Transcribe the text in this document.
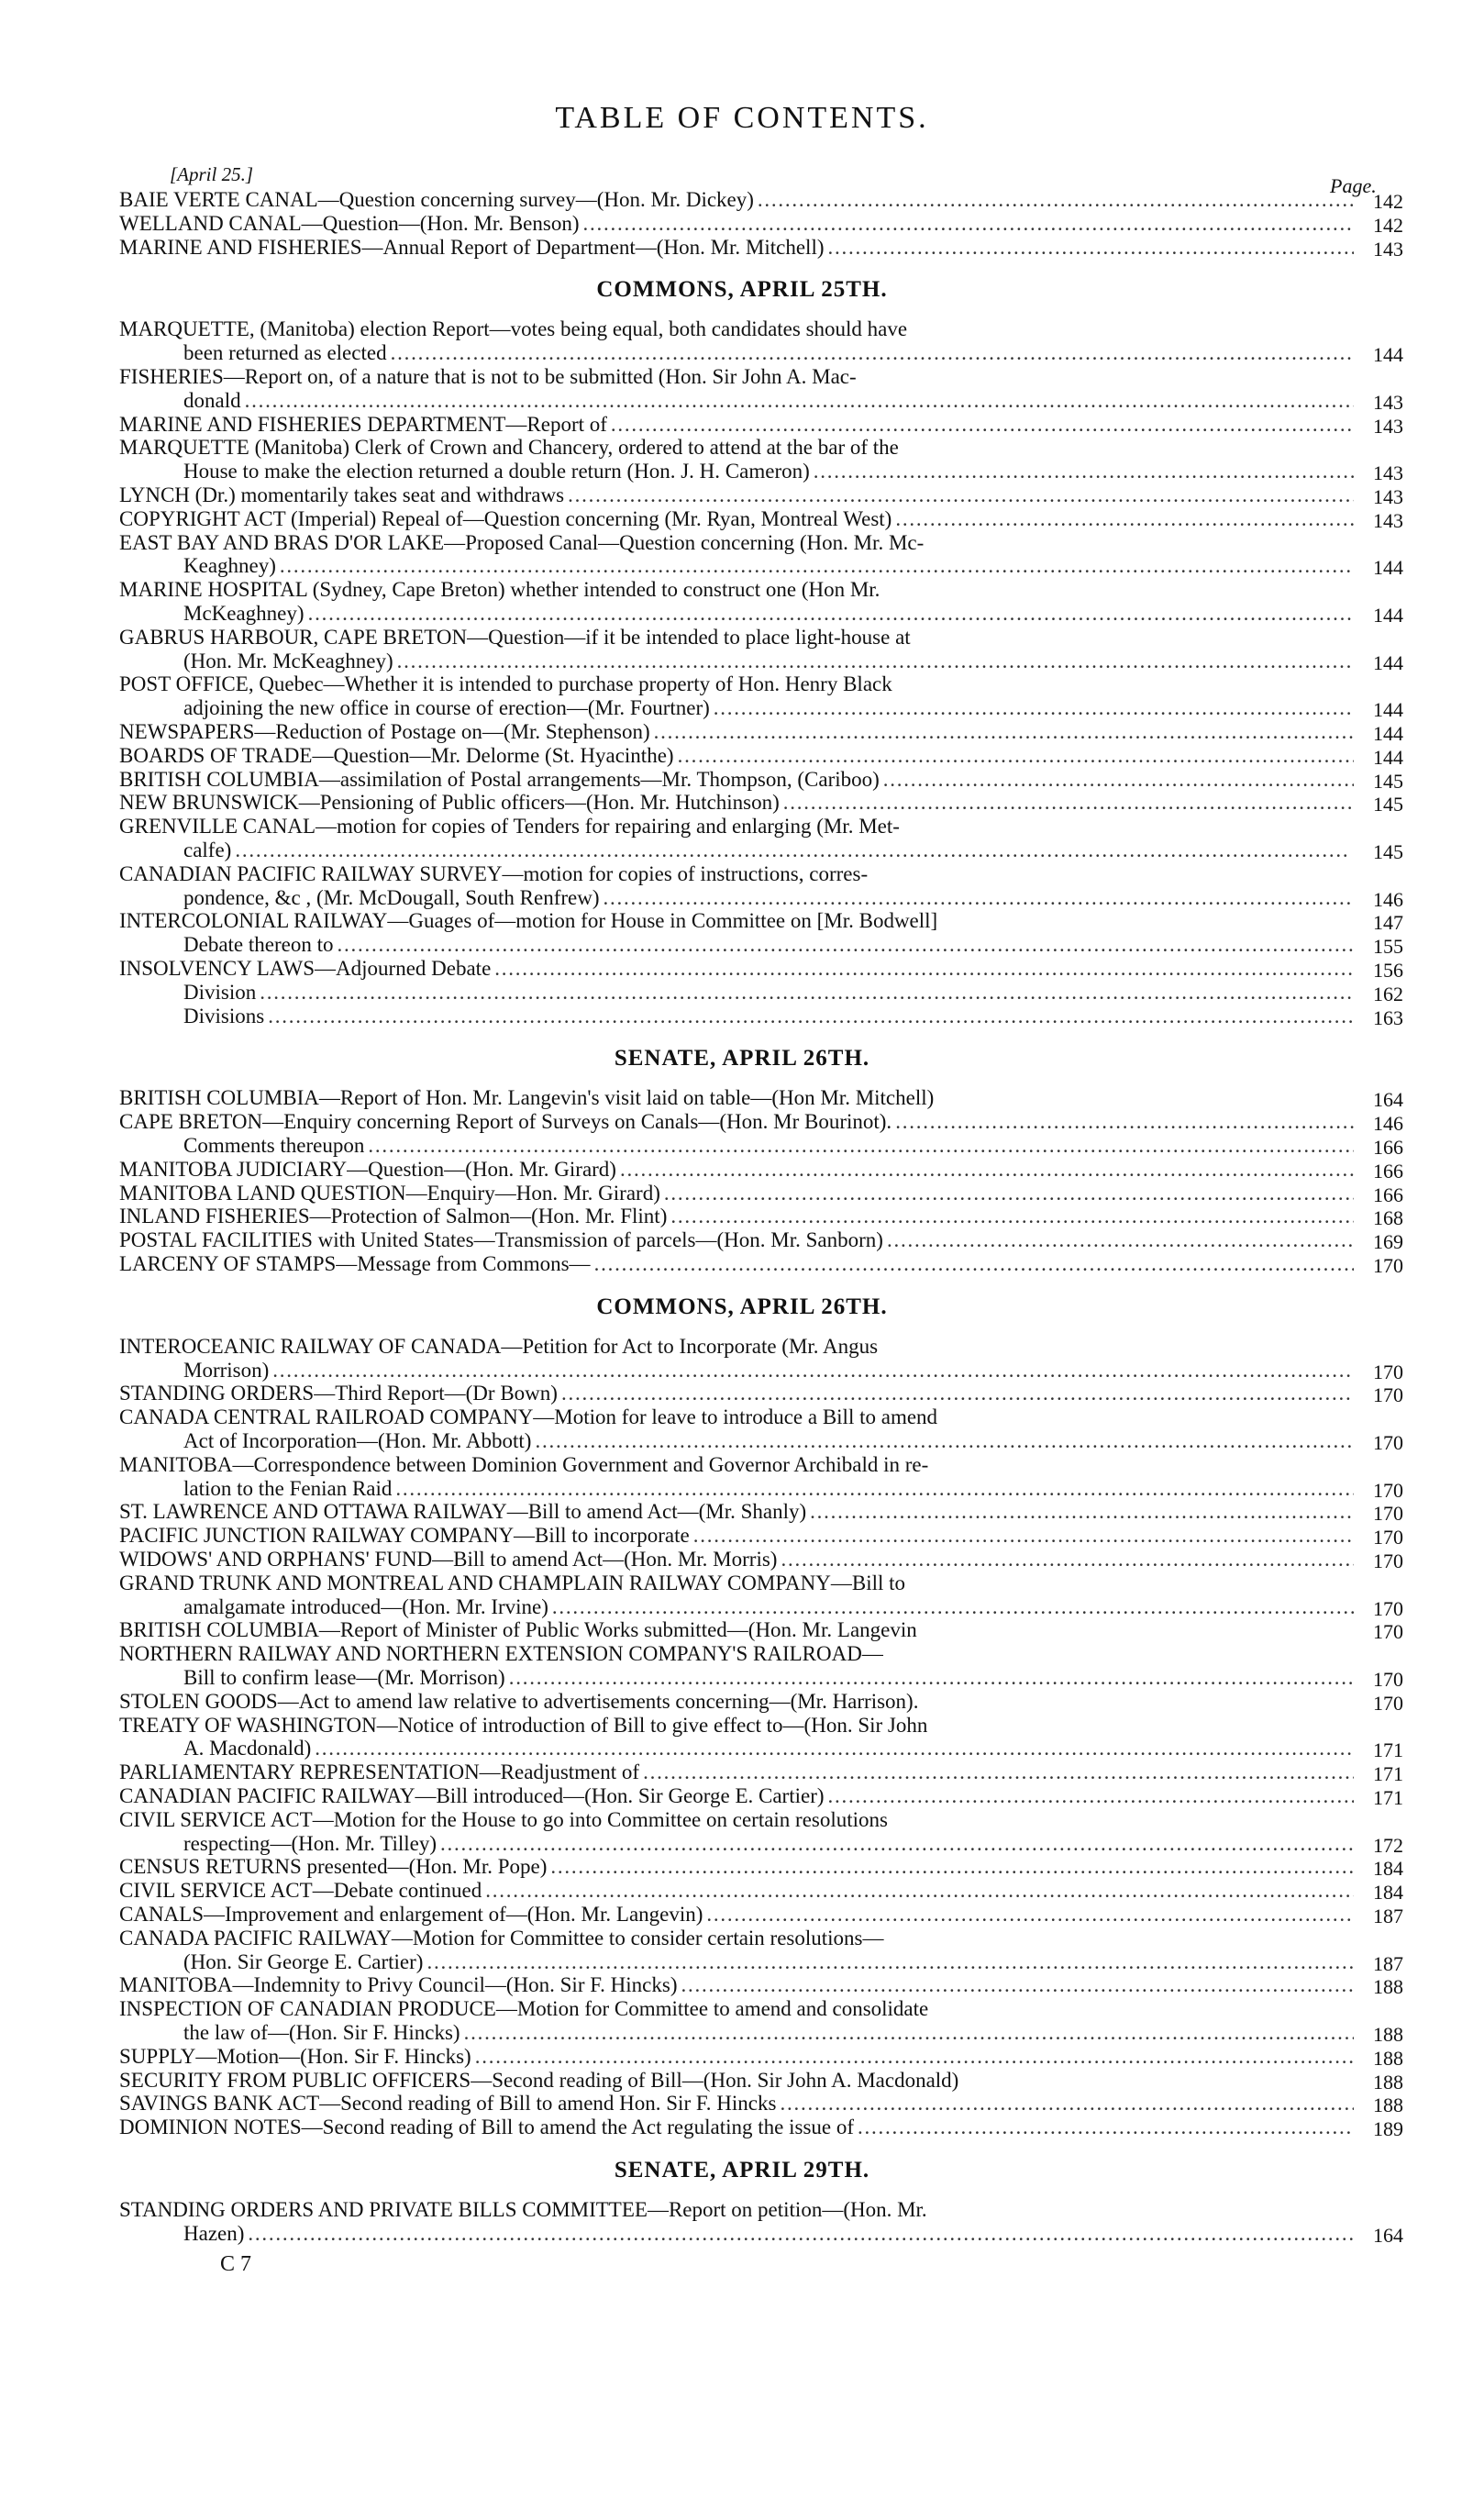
TABLE OF CONTENTS.
[April 25.]	Page.
BAIE VERTE CANAL—Question concerning survey—(Hon. Mr. Dickey) . . .	142
WELLAND CANAL—Question—(Hon. Mr. Benson) . . .	142
MARINE AND FISHERIES—Annual Report of Department—(Hon. Mr. Mitchell) . . .	143
COMMONS, APRIL 25TH.
MARQUETTE, (Manitoba) election Report—votes being equal, both candidates should have
been returned as elected . . .	144
FISHERIES—Report on, of a nature that is not to be submitted (Hon. Sir John A. Mac-
donald . . .	143
MARINE AND FISHERIES DEPARTMENT—Report of . . .	143
MARQUETTE (Manitoba) Clerk of Crown and Chancery, ordered to attend at the bar of the
House to make the election returned a double return (Hon. J. H. Cameron) . . .	143
LYNCH (Dr.) momentarily takes seat and withdraws . . .	143
COPYRIGHT ACT (Imperial) Repeal of—Question concerning (Mr. Ryan, Montreal West) . . .	143
EAST BAY AND BRAS D'OR LAKE—Proposed Canal—Question concerning (Hon. Mr. Mc-
Keaghney) . . .	144
MARINE HOSPITAL (Sydney, Cape Breton) whether intended to construct one (Hon Mr.
McKeaghney) . . .	144
GABRUS HARBOUR, CAPE BRETON—Question—if it be intended to place light-house at
(Hon. Mr. McKeaghney) . . .	144
POST OFFICE, Quebec—Whether it is intended to purchase property of Hon. Henry Black
adjoining the new office in course of erection—(Mr. Fourtner) . . .	144
NEWSPAPERS—Reduction of Postage on—(Mr. Stephenson) . . .	144
BOARDS OF TRADE—Question—Mr. Delorme (St. Hyacinthe) . . .	144
BRITISH COLUMBIA—assimilation of Postal arrangements—Mr. Thompson, (Cariboo) . . .	145
NEW BRUNSWICK—Pensioning of Public officers—(Hon. Mr. Hutchinson) . . .	145
GRENVILLE CANAL—motion for copies of Tenders for repairing and enlarging (Mr. Met-
calfe) . . .	145
CANADIAN PACIFIC RAILWAY SURVEY—motion for copies of instructions, corres-
pondence, &c , (Mr. McDougall, South Renfrew) . . .	146
INTERCOLONIAL RAILWAY—Guages of—motion for House in Committee on [Mr. Bodwell]	147
Debate thereon to . . .	155
INSOLVENCY LAWS—Adjourned Debate . . .	156
Division . . .	162
Divisions . . .	163
SENATE, APRIL 26TH.
BRITISH COLUMBIA—Report of Hon. Mr. Langevin's visit laid on table—(Hon Mr. Mitchell)	164
CAPE BRETON—Enquiry concerning Report of Surveys on Canals—(Hon. Mr Bourinot). . . .	146
Comments thereupon . . .	166
MANITOBA JUDICIARY—Question—(Hon. Mr. Girard) . . .	166
MANITOBA LAND QUESTION—Enquiry—Hon. Mr. Girard) . . .	166
INLAND FISHERIES—Protection of Salmon—(Hon. Mr. Flint) . . .	168
POSTAL FACILITIES with United States—Transmission of parcels—(Hon. Mr. Sanborn) . . .	169
LARCENY OF STAMPS—Message from Commons— . . .	170
COMMONS, APRIL 26TH.
INTEROCEANIC RAILWAY OF CANADA—Petition for Act to Incorporate (Mr. Angus
Morrison) . . .	170
STANDING ORDERS—Third Report—(Dr Bown) . . .	170
CANADA CENTRAL RAILROAD COMPANY—Motion for leave to introduce a Bill to amend
Act of Incorporation—(Hon. Mr. Abbott) . . .	170
MANITOBA—Correspondence between Dominion Government and Governor Archibald in re-
lation to the Fenian Raid . . .	170
ST. LAWRENCE AND OTTAWA RAILWAY—Bill to amend Act—(Mr. Shanly) . . .	170
PACIFIC JUNCTION RAILWAY COMPANY—Bill to incorporate . . .	170
WIDOWS' AND ORPHANS' FUND—Bill to amend Act—(Hon. Mr. Morris) . . .	170
GRAND TRUNK AND MONTREAL AND CHAMPLAIN RAILWAY COMPANY—Bill to
amalgamate introduced—(Hon. Mr. Irvine) . . .	170
BRITISH COLUMBIA—Report of Minister of Public Works submitted—(Hon. Mr. Langevin	170
NORTHERN RAILWAY AND NORTHERN EXTENSION COMPANY'S RAILROAD—
Bill to confirm lease—(Mr. Morrison) . . .	170
STOLEN GOODS—Act to amend law relative to advertisements concerning—(Mr. Harrison).	170
TREATY OF WASHINGTON—Notice of introduction of Bill to give effect to—(Hon. Sir John
A. Macdonald) . . .	171
PARLIAMENTARY REPRESENTATION—Readjustment of . . .	171
CANADIAN PACIFIC RAILWAY—Bill introduced—(Hon. Sir George E. Cartier) . . .	171
CIVIL SERVICE ACT—Motion for the House to go into Committee on certain resolutions
respecting—(Hon. Mr. Tilley) . . .	172
CENSUS RETURNS presented—(Hon. Mr. Pope) . . .	184
CIVIL SERVICE ACT—Debate continued . . .	184
CANALS—Improvement and enlargement of—(Hon. Mr. Langevin) . . .	187
CANADA PACIFIC RAILWAY—Motion for Committee to consider certain resolutions—
(Hon. Sir George E. Cartier) . . .	187
MANITOBA—Indemnity to Privy Council—(Hon. Sir F. Hincks) . . .	188
INSPECTION OF CANADIAN PRODUCE—Motion for Committee to amend and consolidate
the law of—(Hon. Sir F. Hincks) . . .	188
SUPPLY—Motion—(Hon. Sir F. Hincks) . . .	188
SECURITY FROM PUBLIC OFFICERS—Second reading of Bill—(Hon. Sir John A. Macdonald)	188
SAVINGS BANK ACT—Second reading of Bill to amend Hon. Sir F. Hincks . . .	188
DOMINION NOTES—Second reading of Bill to amend the Act regulating the issue of . . .	189
SENATE, APRIL 29TH.
STANDING ORDERS AND PRIVATE BILLS COMMITTEE—Report on petition—(Hon. Mr.
Hazen) . . .	164
C 7
